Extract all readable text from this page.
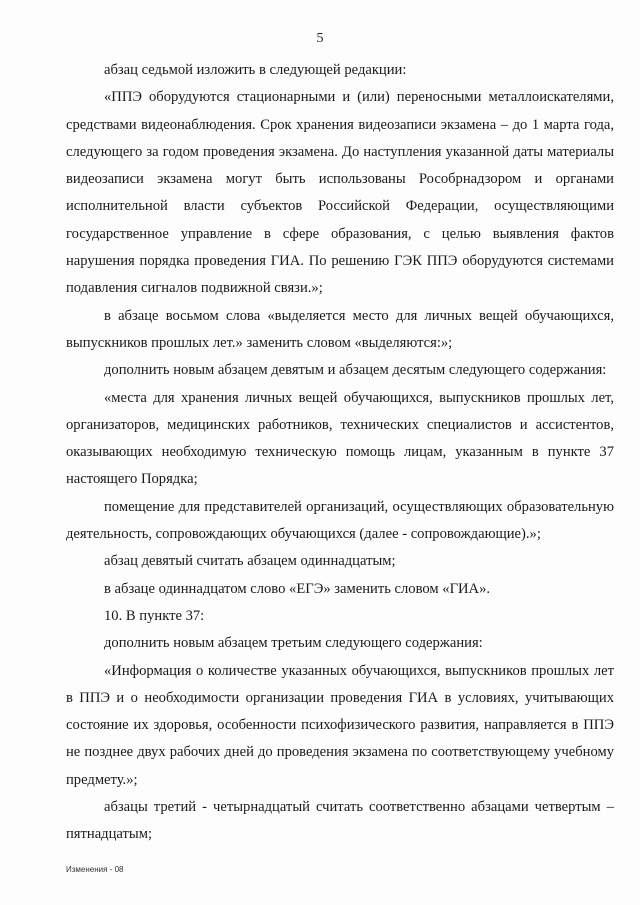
5

абзац седьмой изложить в следующей редакции:

«ППЭ оборудуются стационарными и (или) переносными металлоискателями, средствами видеонаблюдения. Срок хранения видеозаписи экзамена – до 1 марта года, следующего за годом проведения экзамена. До наступления указанной даты материалы видеозаписи экзамена могут быть использованы Рособрнадзором и органами исполнительной власти субъектов Российской Федерации, осуществляющими государственное управление в сфере образования, с целью выявления фактов нарушения порядка проведения ГИА. По решению ГЭК ППЭ оборудуются системами подавления сигналов подвижной связи.»;

в абзаце восьмом слова «выделяется место для личных вещей обучающихся, выпускников прошлых лет.» заменить словом «выделяются:»;

дополнить новым абзацем девятым и абзацем десятым следующего содержания:

«места для хранения личных вещей обучающихся, выпускников прошлых лет, организаторов, медицинских работников, технических специалистов и ассистентов, оказывающих необходимую техническую помощь лицам, указанным в пункте 37 настоящего Порядка;

помещение для представителей организаций, осуществляющих образовательную деятельность, сопровождающих обучающихся (далее - сопровождающие).»;

абзац девятый считать абзацем одиннадцатым;

в абзаце одиннадцатом слово «ЕГЭ» заменить словом «ГИА».

10. В пункте 37:

дополнить новым абзацем третьим следующего содержания:

«Информация о количестве указанных обучающихся, выпускников прошлых лет в ППЭ и о необходимости организации проведения ГИА в условиях, учитывающих состояние их здоровья, особенности психофизического развития, направляется в ППЭ не позднее двух рабочих дней до проведения экзамена по соответствующему учебному предмету.»;

абзацы третий - четырнадцатый считать соответственно абзацами четвертым – пятнадцатым;

Изменения - 08
